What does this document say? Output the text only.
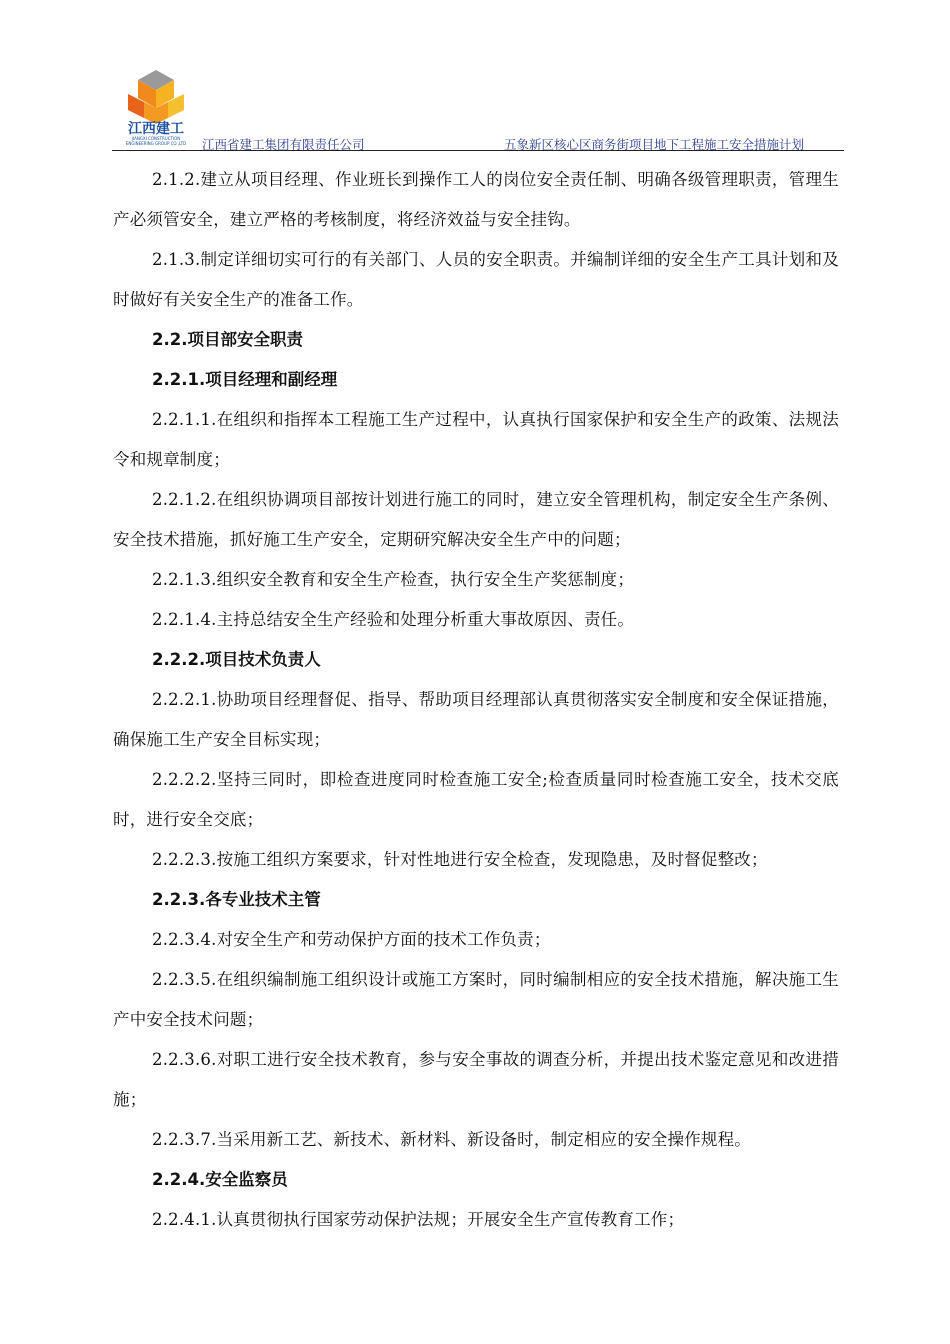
江西建工
JIANGXI CONSTRUCTION ENGINEERING GROUP CO.,LTD	江西省建工集团有限责任公司	五象新区核心区商务街项目地下工程施工安全措施计划

2.1.2.建立从项目经理、作业班长到操作工人的岗位安全责任制、明确各级管理职责，管理生产必须管安全，建立严格的考核制度，将经济效益与安全挂钩。

2.1.3.制定详细切实可行的有关部门、人员的安全职责。并编制详细的安全生产工具计划和及时做好有关安全生产的准备工作。

2.2.项目部安全职责

2.2.1.项目经理和副经理

2.2.1.1.在组织和指挥本工程施工生产过程中，认真执行国家保护和安全生产的政策、法规法令和规章制度；

2.2.1.2.在组织协调项目部按计划进行施工的同时，建立安全管理机构，制定安全生产条例、安全技术措施，抓好施工生产安全，定期研究解决安全生产中的问题；

2.2.1.3.组织安全教育和安全生产检查，执行安全生产奖惩制度；

2.2.1.4.主持总结安全生产经验和处理分析重大事故原因、责任。

2.2.2.项目技术负责人

2.2.2.1.协助项目经理督促、指导、帮助项目经理部认真贯彻落实安全制度和安全保证措施，确保施工生产安全目标实现；

2.2.2.2.坚持三同时，即检查进度同时检查施工安全;检查质量同时检查施工安全，技术交底时，进行安全交底；

2.2.2.3.按施工组织方案要求，针对性地进行安全检查，发现隐患，及时督促整改；

2.2.3.各专业技术主管

2.2.3.4.对安全生产和劳动保护方面的技术工作负责；

2.2.3.5.在组织编制施工组织设计或施工方案时，同时编制相应的安全技术措施，解决施工生产中安全技术问题；

2.2.3.6.对职工进行安全技术教育，参与安全事故的调查分析，并提出技术鉴定意见和改进措施；

2.2.3.7.当采用新工艺、新技术、新材料、新设备时，制定相应的安全操作规程。

2.2.4.安全监察员

2.2.4.1.认真贯彻执行国家劳动保护法规；开展安全生产宣传教育工作；
